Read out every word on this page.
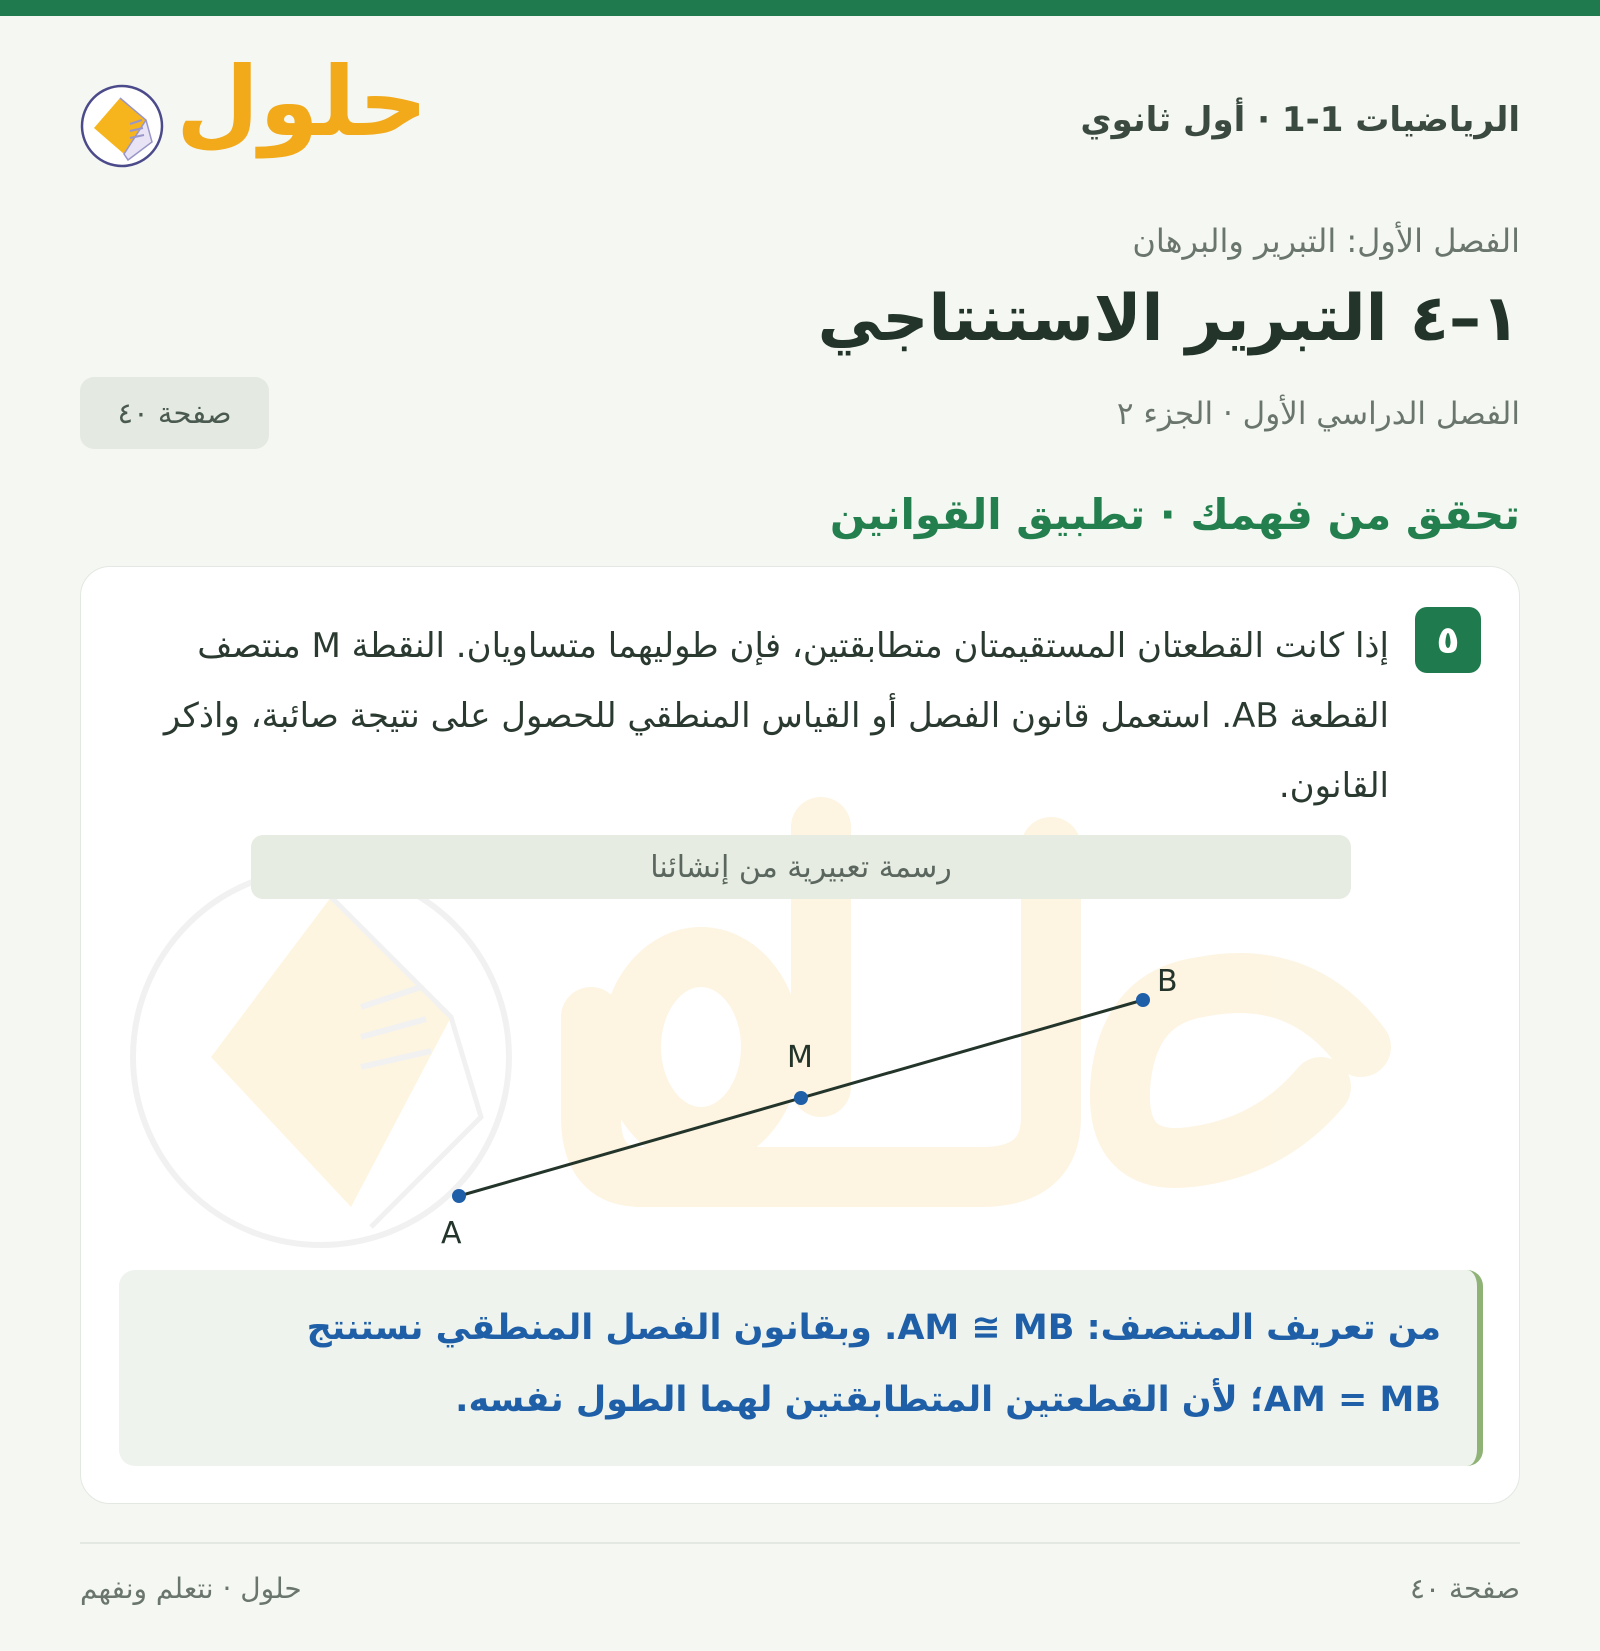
الرياضيات 1-1 · أول ثانوي
حلول
الفصل الأول: التبرير والبرهان
١–٤ التبرير الاستنتاجي
الفصل الدراسي الأول · الجزء ٢
صفحة ٤٠
تحقق من فهمك · تطبيق القوانين
٥
إذا كانت القطعتان المستقيمتان متطابقتين، فإن طوليهما متساويان. النقطة M منتصف القطعة AB. استعمل قانون الفصل أو القياس المنطقي للحصول على نتيجة صائبة، واذكر القانون.
رسمة تعبيرية من إنشائنا
A
M
B
من تعريف المنتصف: AM ≅ MB. وبقانون الفصل المنطقي نستنتج
AM = MB؛ لأن القطعتين المتطابقتين لهما الطول نفسه.
صفحة ٤٠
حلول · نتعلم ونفهم
